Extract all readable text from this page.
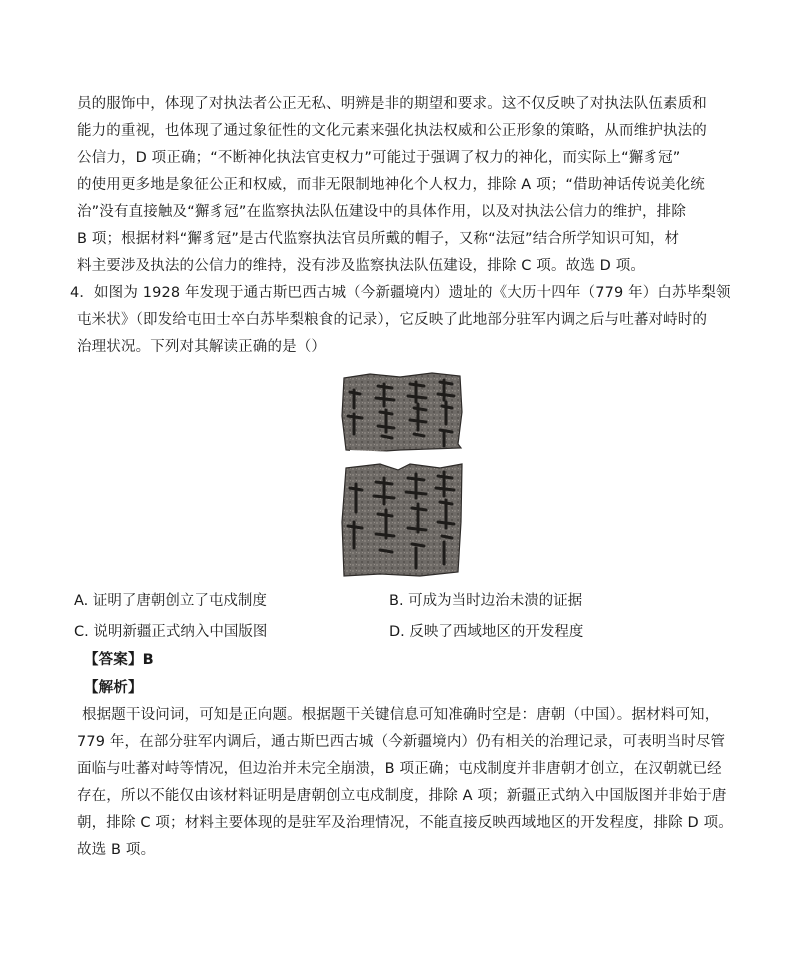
员的服饰中，体现了对执法者公正无私、明辨是非的期望和要求。这不仅反映了对执法队伍素质和
能力的重视，也体现了通过象征性的文化元素来强化执法权威和公正形象的策略，从而维护执法的
公信力，D 项正确；“不断神化执法官吏权力”可能过于强调了权力的神化，而实际上“獬豸冠”
的使用更多地是象征公正和权威，而非无限制地神化个人权力，排除 A 项；“借助神话传说美化统
治”没有直接触及“獬豸冠”在监察执法队伍建设中的具体作用，以及对执法公信力的维护，排除
B 项；根据材料“獬豸冠”是古代监察执法官员所戴的帽子，又称“法冠”结合所学知识可知，材
料主要涉及执法的公信力的维持，没有涉及监察执法队伍建设，排除 C 项。故选 D 项。
4．如图为 1928 年发现于通古斯巴西古城（今新疆境内）遗址的《大历十四年（779 年）白苏毕梨领
屯米状》（即发给屯田士卒白苏毕梨粮食的记录），它反映了此地部分驻军内调之后与吐蕃对峙时的
治理状况。下列对其解读正确的是（）
A. 证明了唐朝创立了屯戍制度	B. 可成为当时边治未溃的证据
C. 说明新疆正式纳入中国版图	D. 反映了西域地区的开发程度
【答案】B
【解析】
根据题干设问词，可知是正向题。根据题干关键信息可知准确时空是：唐朝（中国）。据材料可知，
779 年，在部分驻军内调后，通古斯巴西古城（今新疆境内）仍有相关的治理记录，可表明当时尽管
面临与吐蕃对峙等情况，但边治并未完全崩溃，B 项正确；屯戍制度并非唐朝才创立，在汉朝就已经
存在，所以不能仅由该材料证明是唐朝创立屯戍制度，排除 A 项；新疆正式纳入中国版图并非始于唐
朝，排除 C 项；材料主要体现的是驻军及治理情况，不能直接反映西域地区的开发程度，排除 D 项。
故选 B 项。
